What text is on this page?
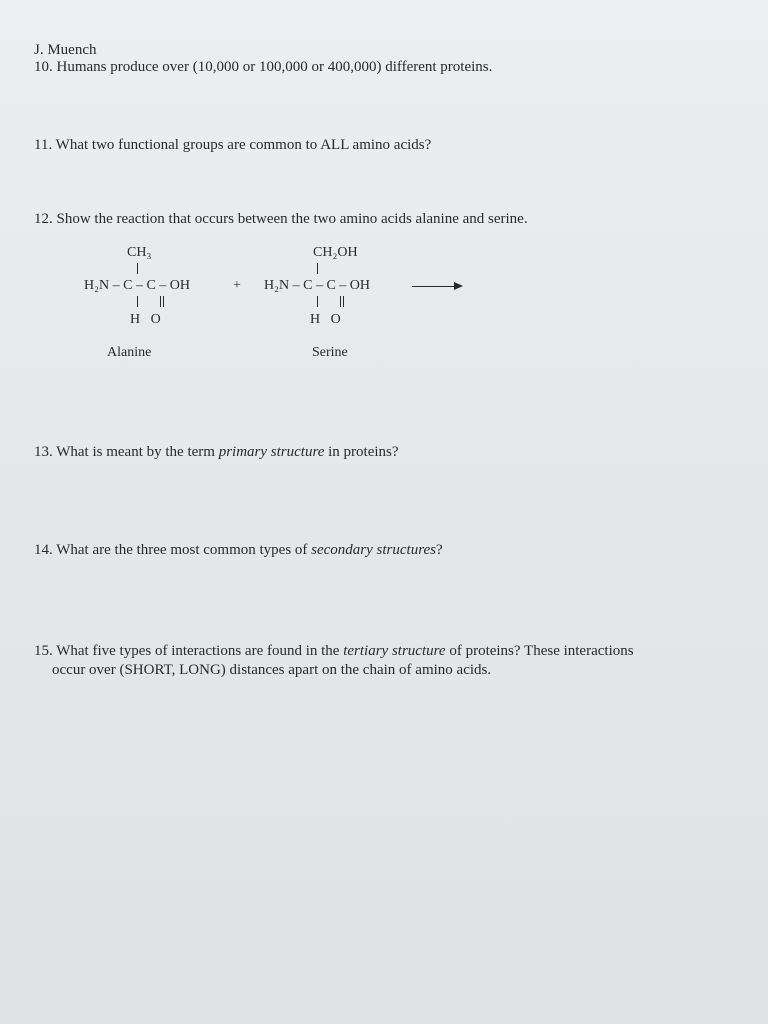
J. Muench
10. Humans produce over (10,000 or 100,000 or 400,000) different proteins.
11. What two functional groups are common to ALL amino acids?
12. Show the reaction that occurs between the two amino acids alanine and serine.
CH₃
H₂N – C – C – OH
H   O
Alanine
+
CH₂OH
H₂N – C – C – OH
H   O
Serine
13. What is meant by the term primary structure in proteins?
14. What are the three most common types of secondary structures?
15. What five types of interactions are found in the tertiary structure of proteins? These interactions
occur over (SHORT, LONG) distances apart on the chain of amino acids.
